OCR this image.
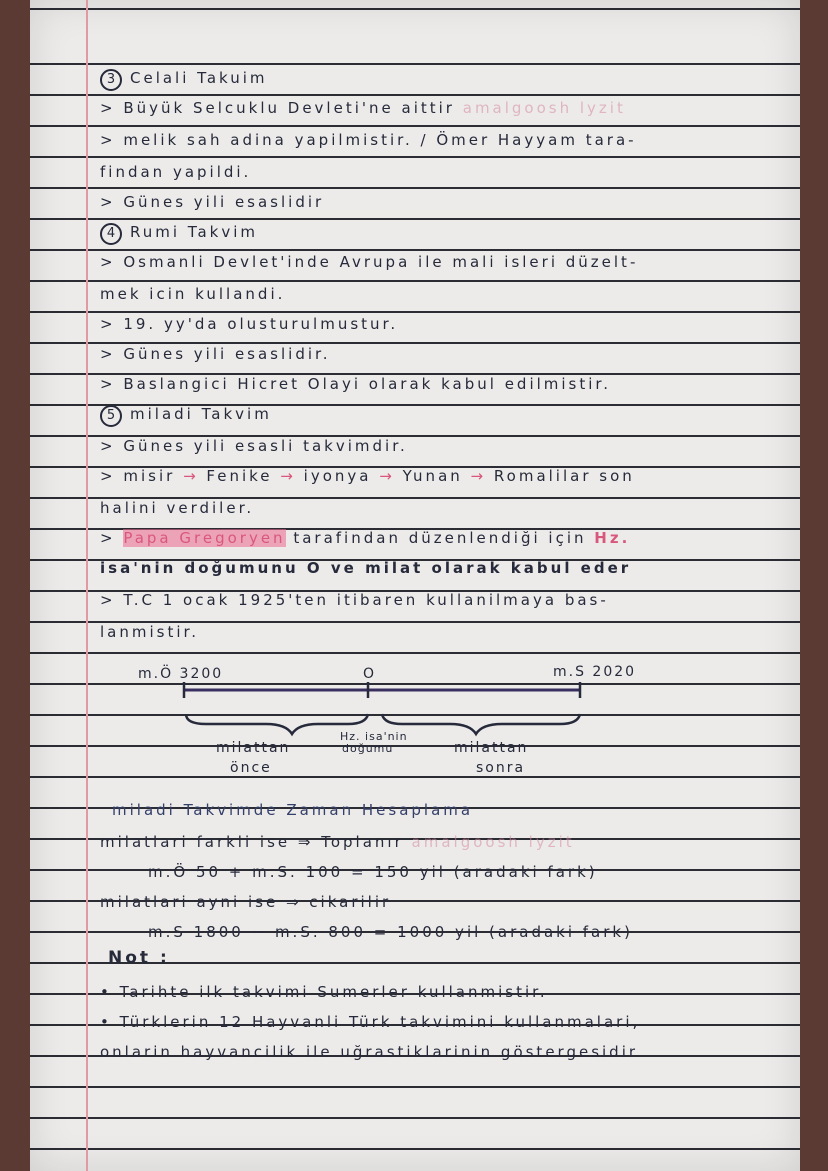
3 Celali Takuim
> Büyük Selcuklu Devleti'ne aittir amalgoosh lyzit
> melik sah adina yapilmistir. / Ömer Hayyam tara-
findan yapildi.
> Günes yili esaslidir
4 Rumi Takvim
> Osmanli Devlet'inde Avrupa ile mali isleri düzelt-
mek icin kullandi.
> 19. yy'da olusturulmustur.
> Günes yili esaslidir.
> Baslangici Hicret Olayi olarak kabul edilmistir.
5 miladi Takvim
> Günes yili esasli takvimdir.
> misir → Fenike → iyonya → Yunan → Romalilar son
halini verdiler.
> Papa Gregoryen tarafindan düzenlendiği için Hz.
isa'nin doğumunu O ve milat olarak kabul eder
> T.C 1 ocak 1925'ten itibaren kullanilmaya bas-
lanmistir.
m.Ö 3200	O	m.S 2020
Hz. isa'nin
doğumu
milattan
önce
milattan
sonra
miladi Takvimde Zaman Hesaplama
milatlari farkli ise ⇒ Toplanır amalgoosh lyzit
m.Ö 50 + m.S. 100 = 150 yil (aradaki fark)
milatlari ayni ise ⇒ cikarilir
m.S 1800 − m.S. 800 = 1000 yil (aradaki fark)
Not :
• Tarihte ilk takvimi Sumerler kullanmistir.
• Türklerin 12 Hayvanli Türk takvimini kullanmalari,
onlarin hayvancilik ile uğrastiklarinin göstergesidir
